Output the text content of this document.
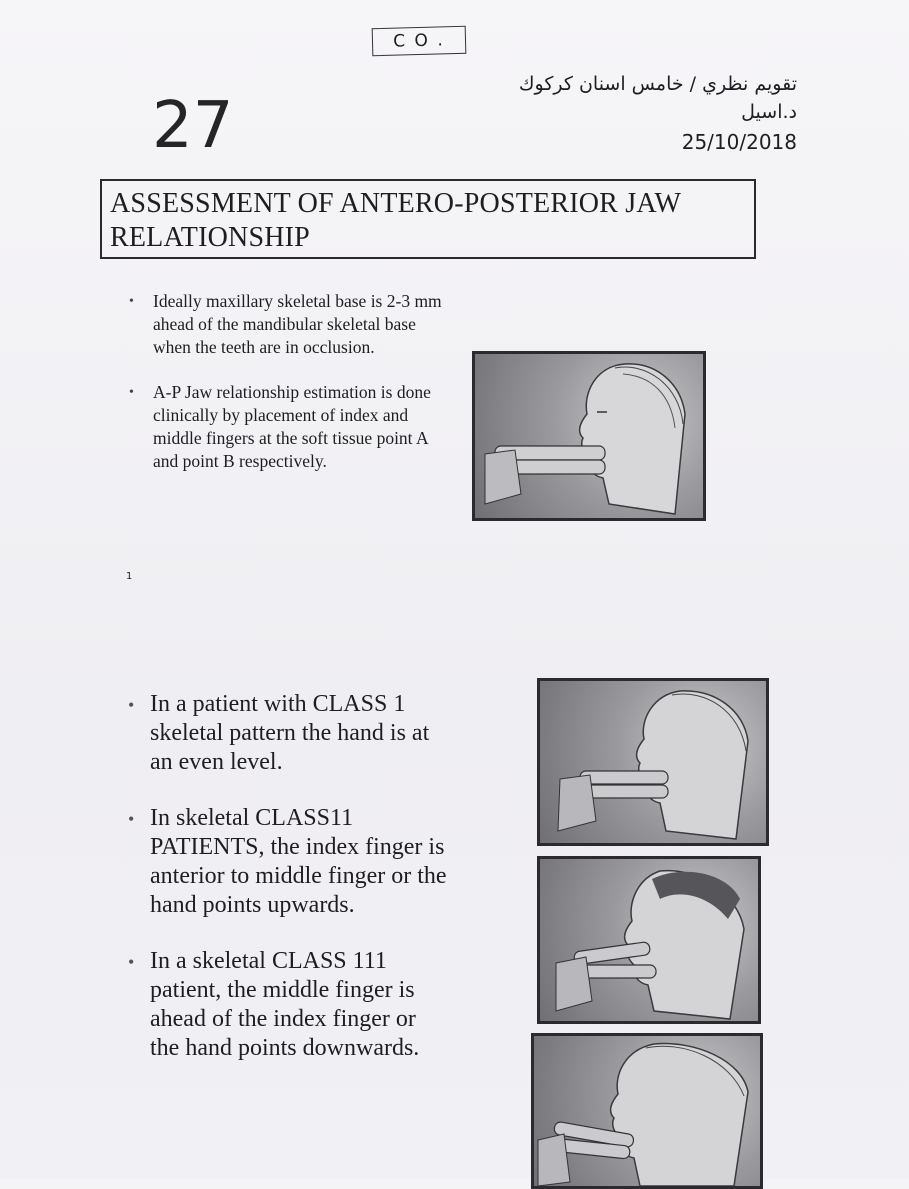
C O .
27
تقويم نظري / خامس اسنان كركوك
د.اسيل
25/10/2018
ASSESSMENT OF ANTERO-POSTERIOR JAW RELATIONSHIP
• Ideally maxillary skeletal base is 2-3 mm ahead of the mandibular skeletal base when the teeth are in occlusion.
• A-P Jaw relationship estimation is done clinically by placement of index and middle fingers at the soft tissue point A and point B respectively.
1
• In a patient with CLASS 1 skeletal pattern the hand is at an even level.
• In skeletal CLASS11 PATIENTS, the index finger is anterior to middle finger or the hand points upwards.
• In a skeletal CLASS 111 patient, the middle finger is ahead of the index finger or the hand points downwards.
